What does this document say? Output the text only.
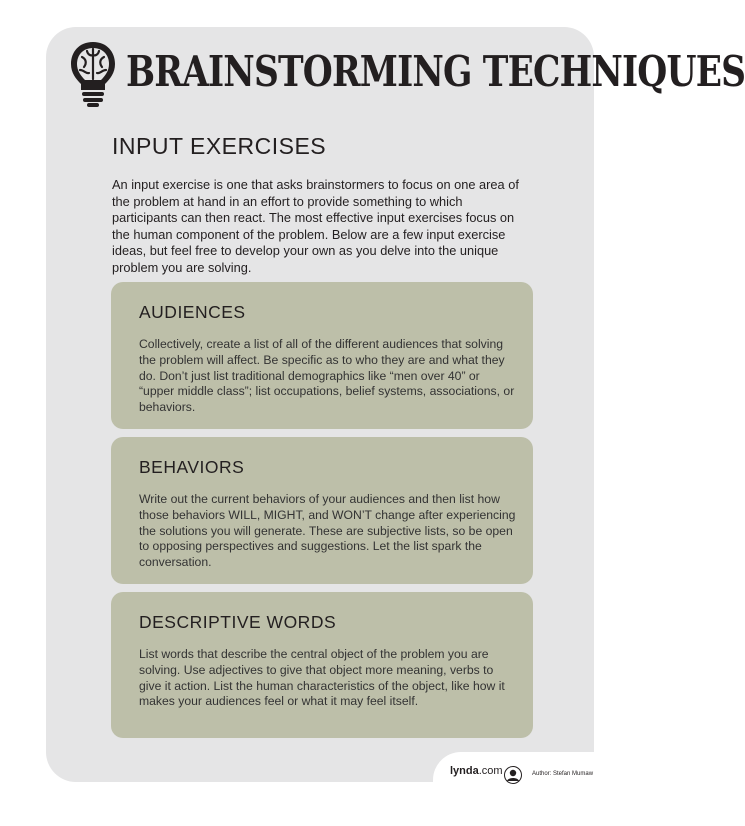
BRAINSTORMING TECHNIQUES
INPUT EXERCISES

An input exercise is one that asks brainstormers to focus on one area of the problem at hand in an effort to provide something to which participants can then react. The most effective input exercises focus on the human component of the problem. Below are a few input exercise ideas, but feel free to develop your own as you delve into the unique problem you are solving.

AUDIENCES

Collectively, create a list of all of the different audiences that solving the problem will affect. Be specific as to who they are and what they do. Don’t just list traditional demographics like “men over 40” or “upper middle class”; list occupations, belief systems, associations, or behaviors.

BEHAVIORS

Write out the current behaviors of your audiences and then list how those behaviors WILL, MIGHT, and WON’T change after experiencing the solutions you will generate. These are subjective lists, so be open to opposing perspectives and suggestions. Let the list spark the conversation.

DESCRIPTIVE WORDS

List words that describe the central object of the problem you are solving. Use adjectives to give that object more meaning, verbs to give it action. List the human characteristics of the object, like how it makes your audiences feel or what it may feel itself.

lynda.com	Author: Stefan Mumaw
